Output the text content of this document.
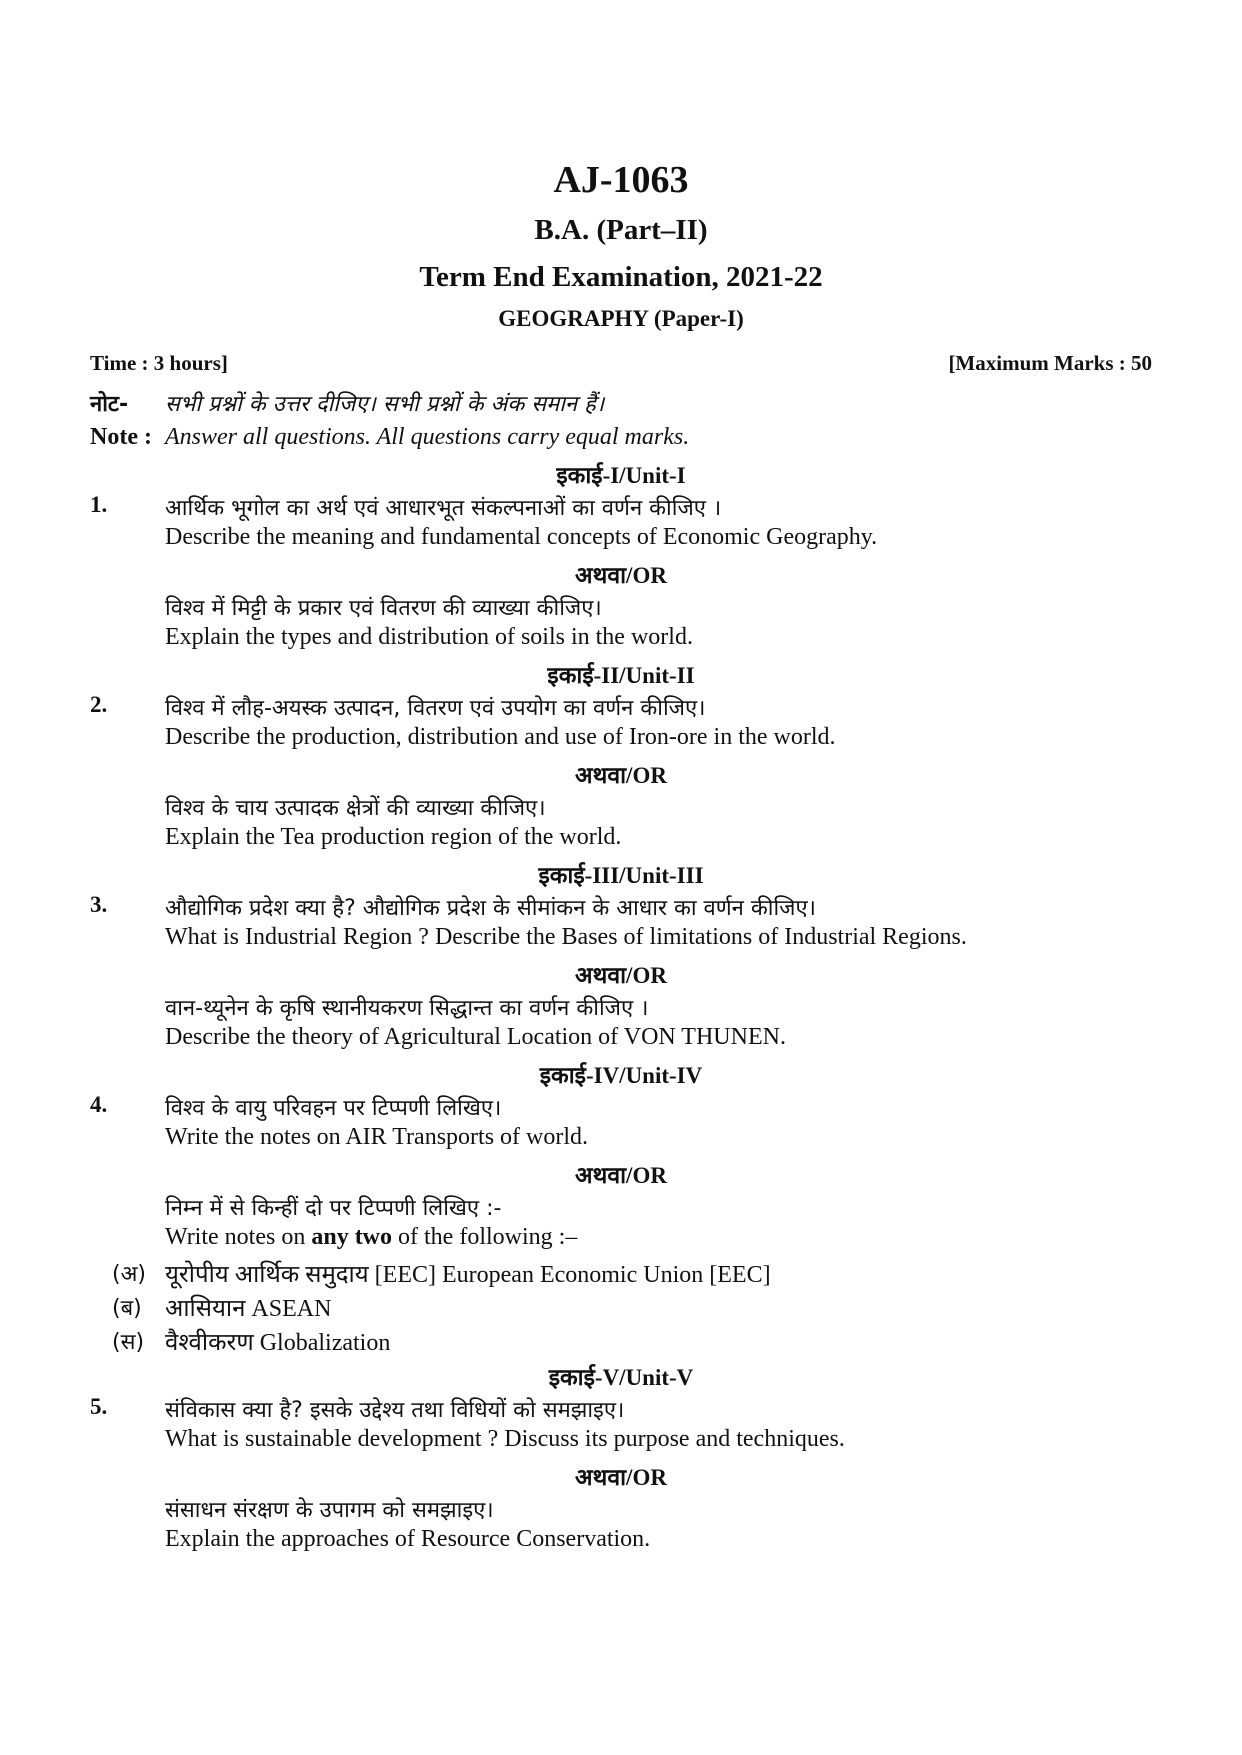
AJ-1063
B.A. (Part–II)
Term End Examination, 2021-22
GEOGRAPHY (Paper-I)
Time : 3 hours]	[Maximum Marks : 50
नोट- सभी प्रश्नों के उत्तर दीजिए। सभी प्रश्नों के अंक समान हैं।
Note : Answer all questions. All questions carry equal marks.
इकाई-I/Unit-I
1.	आर्थिक भूगोल का अर्थ एवं आधारभूत संकल्पनाओं का वर्णन कीजिए ।
Describe the meaning and fundamental concepts of Economic Geography.
अथवा/OR
विश्व में मिट्टी के प्रकार एवं वितरण की व्याख्या कीजिए।
Explain the types and distribution of soils in the world.
इकाई-II/Unit-II
2.	विश्व में लौह-अयस्क उत्पादन, वितरण एवं उपयोग का वर्णन कीजिए।
Describe the production, distribution and use of Iron-ore in the world.
अथवा/OR
विश्व के चाय उत्पादक क्षेत्रों की व्याख्या कीजिए।
Explain the Tea production region of the world.
इकाई-III/Unit-III
3.	औद्योगिक प्रदेश क्या है? औद्योगिक प्रदेश के सीमांकन के आधार का वर्णन कीजिए।
What is Industrial Region ? Describe the Bases of limitations of Industrial Regions.
अथवा/OR
वान-थ्यूनेन के कृषि स्थानीयकरण सिद्धान्त का वर्णन कीजिए ।
Describe the theory of Agricultural Location of VON THUNEN.
इकाई-IV/Unit-IV
4.	विश्व के वायु परिवहन पर टिप्पणी लिखिए।
Write the notes on AIR Transports of world.
अथवा/OR
निम्न में से किन्हीं दो पर टिप्पणी लिखिए :-
Write notes on any two of the following :–
(अ) यूरोपीय आर्थिक समुदाय [EEC] European Economic Union [EEC]
(ब) आसियान ASEAN
(स) वैश्वीकरण Globalization
इकाई-V/Unit-V
5.	संविकास क्या है? इसके उद्देश्य तथा विधियों को समझाइए।
What is sustainable development ? Discuss its purpose and techniques.
अथवा/OR
संसाधन संरक्षण के उपागम को समझाइए।
Explain the approaches of Resource Conservation.
